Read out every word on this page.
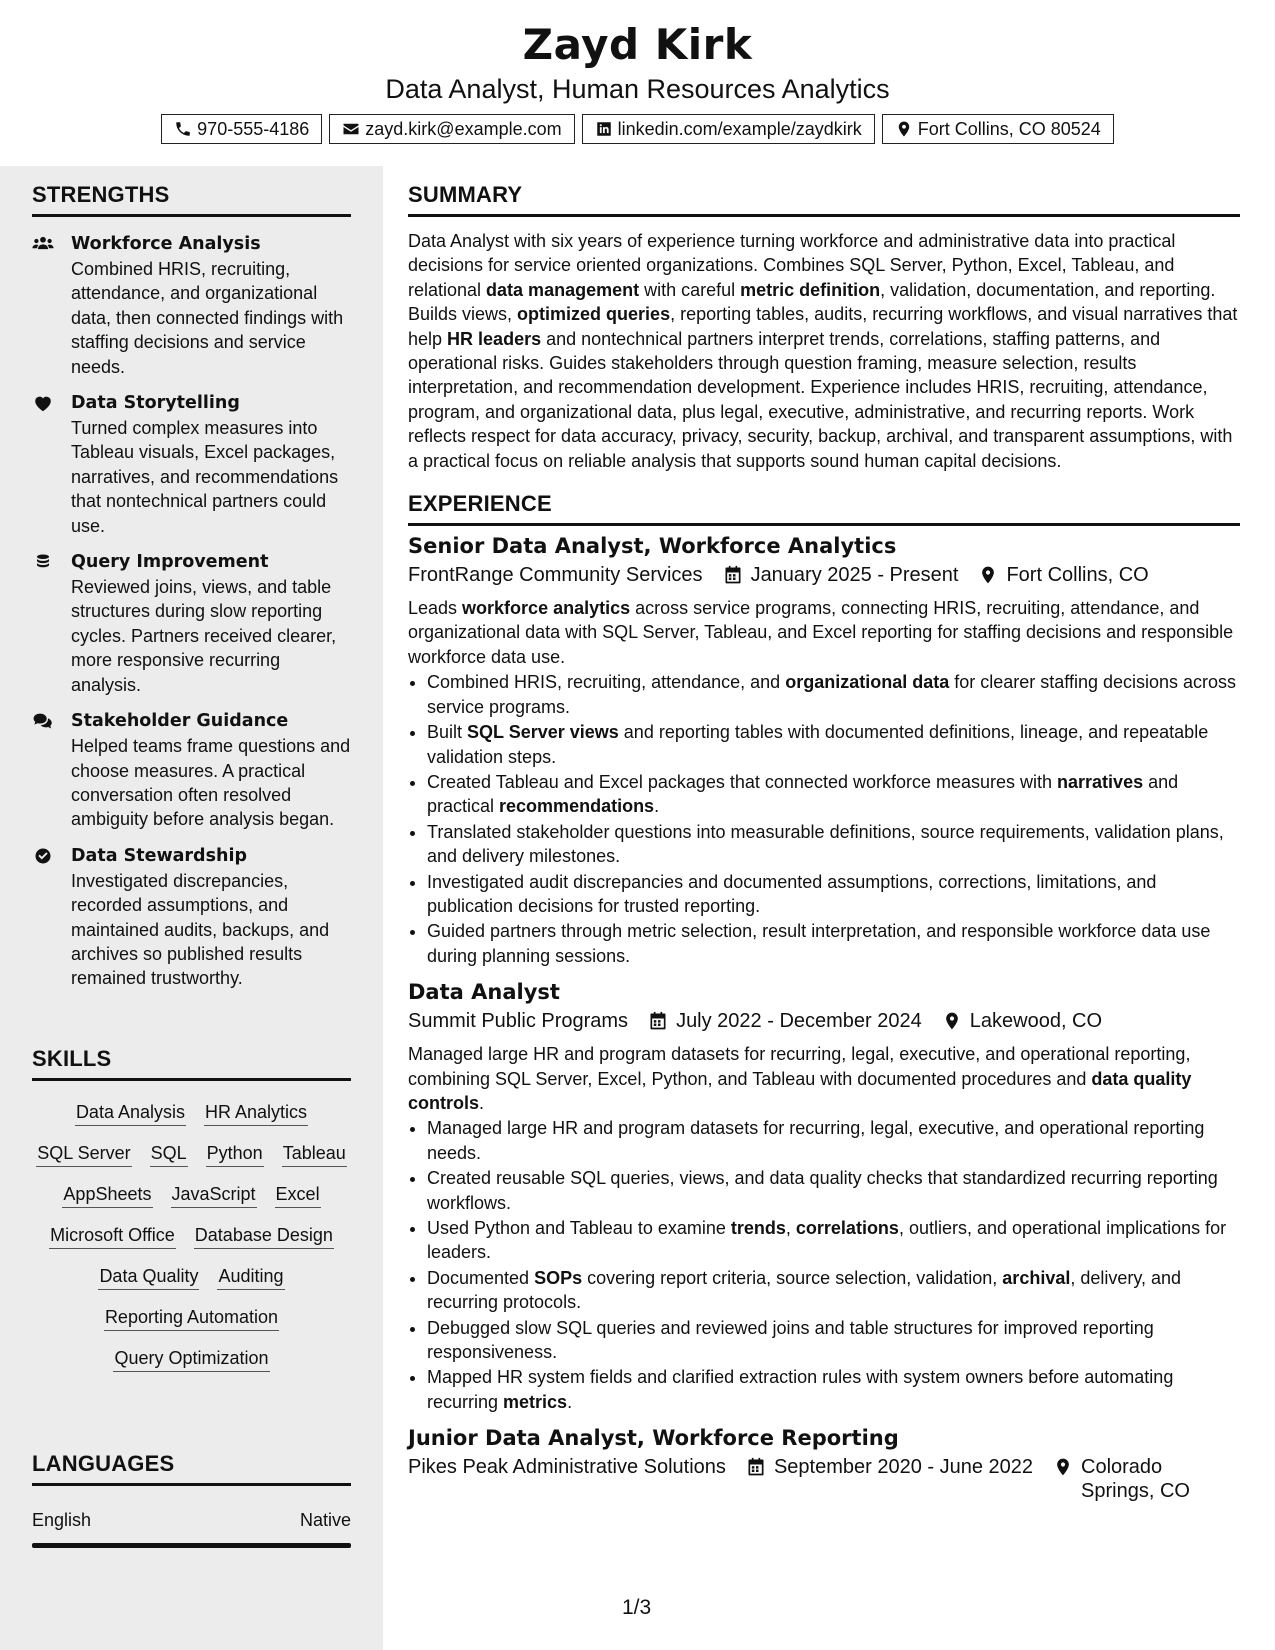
Zayd Kirk
Data Analyst, Human Resources Analytics
970-555-4186	zayd.kirk@example.com	linkedin.com/example/zaydkirk	Fort Collins, CO 80524
STRENGTHS
Workforce Analysis
Combined HRIS, recruiting, attendance, and organizational data, then connected findings with staffing decisions and service needs.
Data Storytelling
Turned complex measures into Tableau visuals, Excel packages, narratives, and recommendations that nontechnical partners could use.
Query Improvement
Reviewed joins, views, and table structures during slow reporting cycles. Partners received clearer, more responsive recurring analysis.
Stakeholder Guidance
Helped teams frame questions and choose measures. A practical conversation often resolved ambiguity before analysis began.
Data Stewardship
Investigated discrepancies, recorded assumptions, and maintained audits, backups, and archives so published results remained trustworthy.
SKILLS
Data Analysis HR Analytics
SQL Server SQL Python Tableau
AppSheets JavaScript Excel
Microsoft Office Database Design
Data Quality Auditing
Reporting Automation
Query Optimization
LANGUAGES
English	Native
SUMMARY
Data Analyst with six years of experience turning workforce and administrative data into practical decisions for service oriented organizations. Combines SQL Server, Python, Excel, Tableau, and relational data management with careful metric definition, validation, documentation, and reporting. Builds views, optimized queries, reporting tables, audits, recurring workflows, and visual narratives that help HR leaders and nontechnical partners interpret trends, correlations, staffing patterns, and operational risks. Guides stakeholders through question framing, measure selection, results interpretation, and recommendation development. Experience includes HRIS, recruiting, attendance, program, and organizational data, plus legal, executive, administrative, and recurring reports. Work reflects respect for data accuracy, privacy, security, backup, archival, and transparent assumptions, with a practical focus on reliable analysis that supports sound human capital decisions.
EXPERIENCE
Senior Data Analyst, Workforce Analytics
FrontRange Community Services January 2025 - Present Fort Collins, CO
Leads workforce analytics across service programs, connecting HRIS, recruiting, attendance, and organizational data with SQL Server, Tableau, and Excel reporting for staffing decisions and responsible workforce data use.
• Combined HRIS, recruiting, attendance, and organizational data for clearer staffing decisions across service programs.
• Built SQL Server views and reporting tables with documented definitions, lineage, and repeatable validation steps.
• Created Tableau and Excel packages that connected workforce measures with narratives and practical recommendations.
• Translated stakeholder questions into measurable definitions, source requirements, validation plans, and delivery milestones.
• Investigated audit discrepancies and documented assumptions, corrections, limitations, and publication decisions for trusted reporting.
• Guided partners through metric selection, result interpretation, and responsible workforce data use during planning sessions.
Data Analyst
Summit Public Programs July 2022 - December 2024 Lakewood, CO
Managed large HR and program datasets for recurring, legal, executive, and operational reporting, combining SQL Server, Excel, Python, and Tableau with documented procedures and data quality controls.
• Managed large HR and program datasets for recurring, legal, executive, and operational reporting needs.
• Created reusable SQL queries, views, and data quality checks that standardized recurring reporting workflows.
• Used Python and Tableau to examine trends, correlations, outliers, and operational implications for leaders.
• Documented SOPs covering report criteria, source selection, validation, archival, delivery, and recurring protocols.
• Debugged slow SQL queries and reviewed joins and table structures for improved reporting responsiveness.
• Mapped HR system fields and clarified extraction rules with system owners before automating recurring metrics.
Junior Data Analyst, Workforce Reporting
Pikes Peak Administrative Solutions September 2020 - June 2022 Colorado Springs, CO
1/3
